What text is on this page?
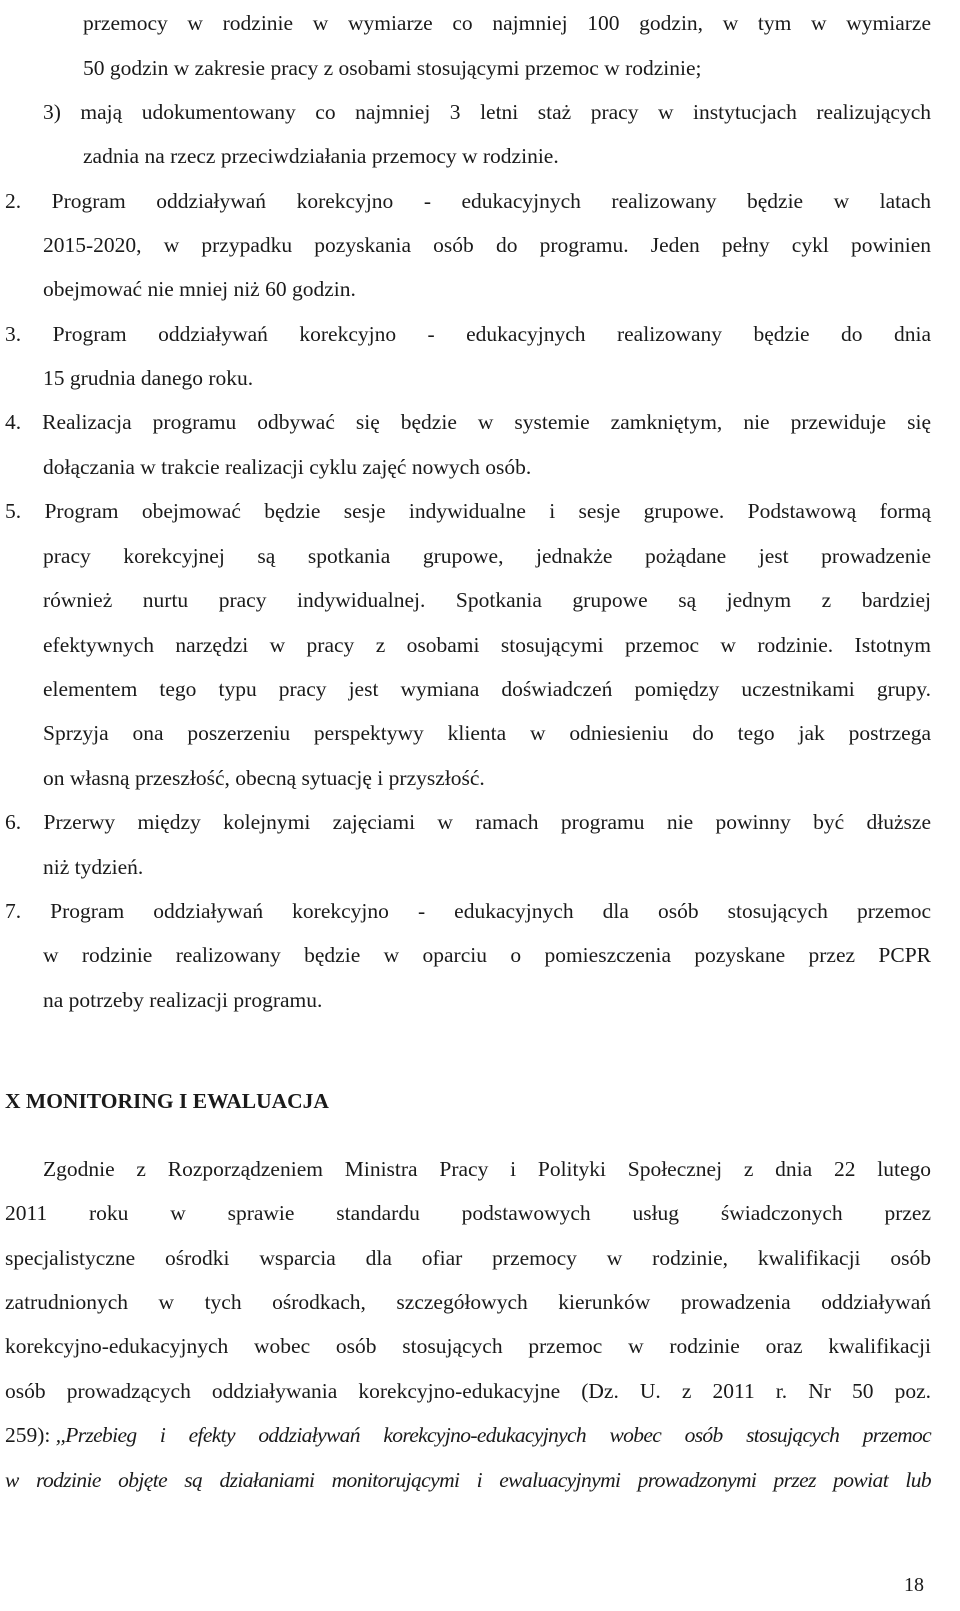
przemocy w rodzinie w wymiarze co najmniej 100 godzin, w tym w wymiarze

50 godzin w zakresie pracy z osobami stosującymi przemoc w rodzinie;

3) mają udokumentowany co najmniej 3 letni staż pracy w instytucjach realizujących

zadnia na rzecz przeciwdziałania przemocy w rodzinie.

2. Program oddziaływań korekcyjno - edukacyjnych realizowany będzie w latach

2015-2020, w przypadku pozyskania osób do programu. Jeden pełny cykl powinien

obejmować nie mniej niż 60 godzin.

3. Program oddziaływań korekcyjno - edukacyjnych realizowany będzie do dnia

15 grudnia danego roku.

4. Realizacja programu odbywać się będzie w systemie zamkniętym, nie przewiduje się

dołączania w trakcie realizacji cyklu zajęć nowych osób.

5. Program obejmować będzie sesje indywidualne i sesje grupowe. Podstawową formą

pracy korekcyjnej są spotkania grupowe, jednakże pożądane jest prowadzenie

również nurtu pracy indywidualnej. Spotkania grupowe są jednym z bardziej

efektywnych narzędzi w pracy z osobami stosującymi przemoc w rodzinie. Istotnym

elementem tego typu pracy jest wymiana doświadczeń pomiędzy uczestnikami grupy.

Sprzyja ona poszerzeniu perspektywy klienta w odniesieniu do tego jak postrzega

on własną przeszłość, obecną sytuację i przyszłość.

6. Przerwy między kolejnymi zajęciami w ramach programu nie powinny być dłuższe

niż tydzień.

7. Program oddziaływań korekcyjno - edukacyjnych dla osób stosujących przemoc

w rodzinie realizowany będzie w oparciu o pomieszczenia pozyskane przez PCPR

na potrzeby realizacji programu.

X MONITORING I EWALUACJA

Zgodnie z Rozporządzeniem Ministra Pracy i Polityki Społecznej z dnia 22 lutego

2011 roku w sprawie standardu podstawowych usług świadczonych przez

specjalistyczne ośrodki wsparcia dla ofiar przemocy w rodzinie, kwalifikacji osób

zatrudnionych w tych ośrodkach, szczegółowych kierunków prowadzenia oddziaływań

korekcyjno-edukacyjnych wobec osób stosujących przemoc w rodzinie oraz kwalifikacji

osób prowadzących oddziaływania korekcyjno-edukacyjne (Dz. U. z 2011 r. Nr 50 poz.

259): ,,Przebieg i efekty oddziaływań korekcyjno-edukacyjnych wobec osób stosujących przemoc

w rodzinie objęte są działaniami monitorującymi i ewaluacyjnymi prowadzonymi przez powiat lub

18
